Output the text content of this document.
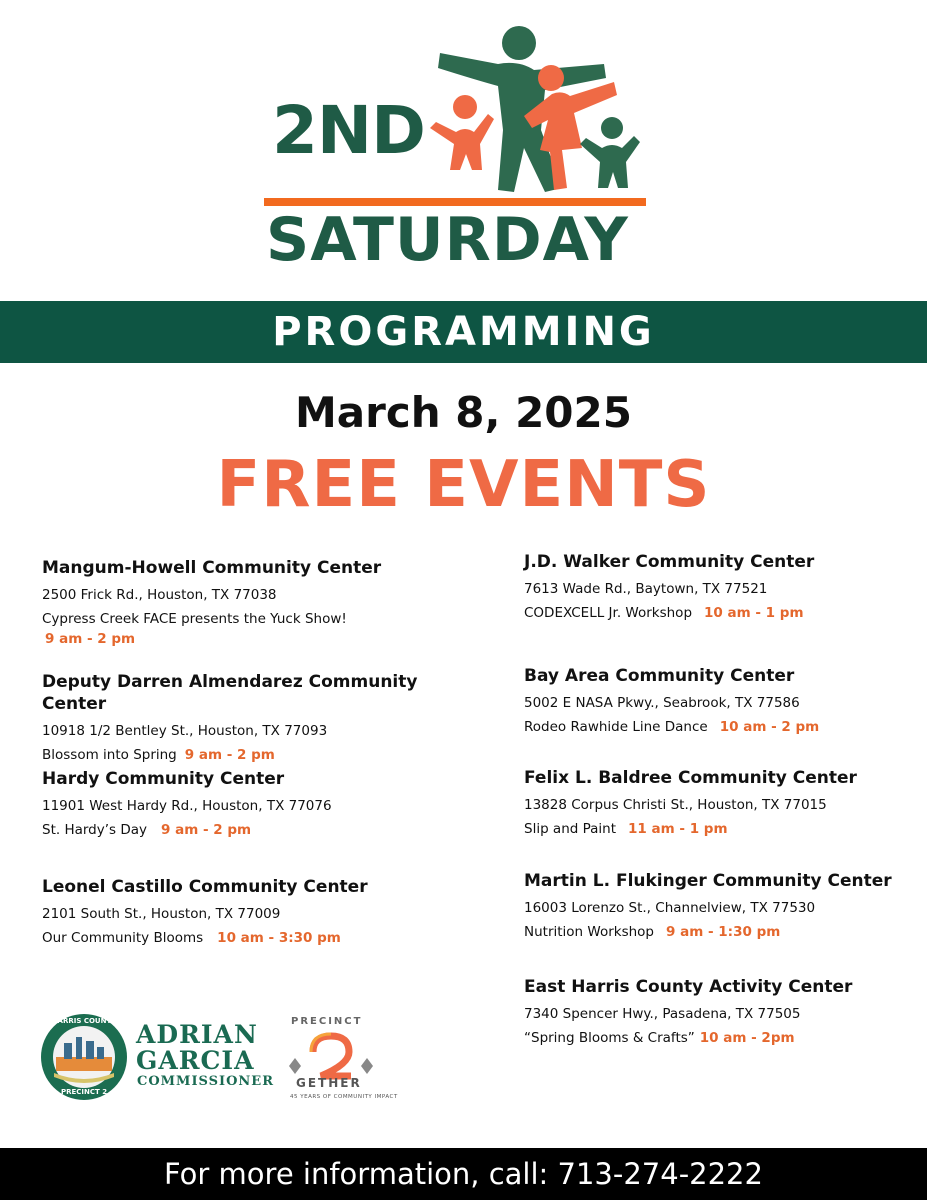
2ND
SATURDAY
PROGRAMMING
March 8, 2025
FREE EVENTS
Mangum-Howell Community Center
2500 Frick Rd., Houston, TX 77038
Cypress Creek FACE presents the Yuck Show!
9 am - 2 pm
Deputy Darren Almendarez Community Center
10918 1/2 Bentley St., Houston, TX 77093
Blossom into Spring 9 am - 2 pm
Hardy Community Center
11901 West Hardy Rd., Houston, TX 77076
St. Hardy’s Day 9 am - 2 pm
Leonel Castillo Community Center
2101 South St., Houston, TX 77009
Our Community Blooms 10 am - 3:30 pm
J.D. Walker Community Center
7613 Wade Rd., Baytown, TX 77521
CODEXCELL Jr. Workshop 10 am - 1 pm
Bay Area Community Center
5002 E NASA Pkwy., Seabrook, TX 77586
Rodeo Rawhide Line Dance 10 am - 2 pm
Felix L. Baldree Community Center
13828 Corpus Christi St., Houston, TX 77015
Slip and Paint 11 am - 1 pm
Martin L. Flukinger Community Center
16003 Lorenzo St., Channelview, TX 77530
Nutrition Workshop 9 am - 1:30 pm
East Harris County Activity Center
7340 Spencer Hwy., Pasadena, TX 77505
“Spring Blooms & Crafts” 10 am - 2pm
HARRIS COUNTY
PRECINCT 2
ADRIAN
GARCIA
COMMISSIONER
PRECINCT
GETHER
45 YEARS OF COMMUNITY IMPACT
For more information, call: 713-274-2222
